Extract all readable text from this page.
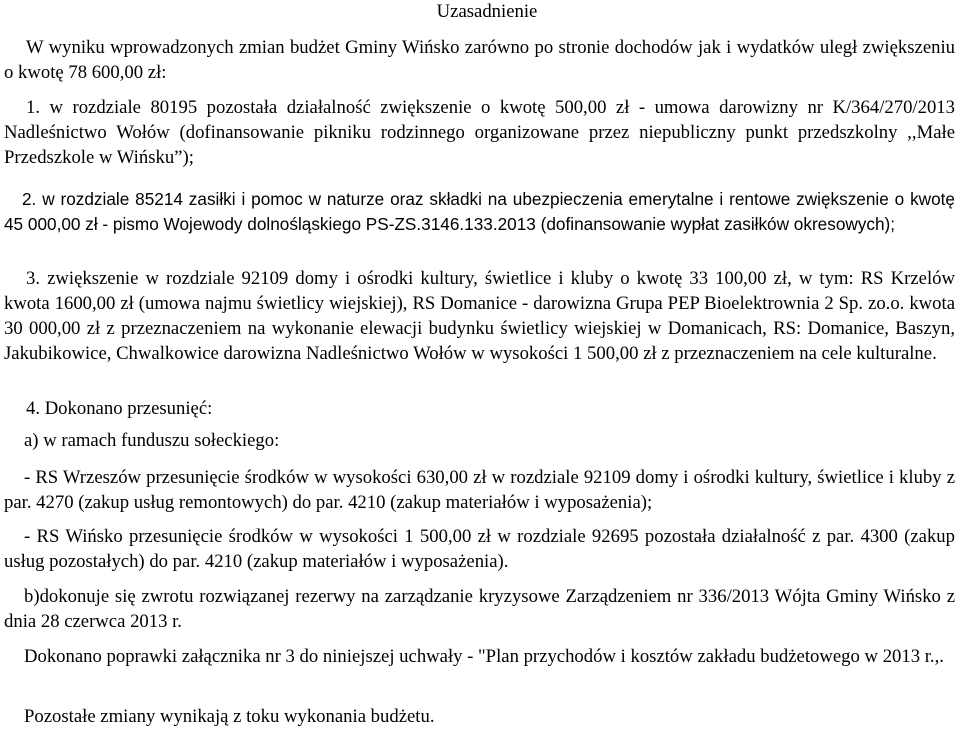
Uzasadnienie

W wyniku wprowadzonych zmian budżet Gminy Wińsko zarówno po stronie dochodów jak i wydatków uległ zwiększeniu o kwotę 78 600,00 zł:

1. w rozdziale 80195 pozostała działalność zwiększenie o kwotę 500,00 zł - umowa darowizny nr K/364/270/2013 Nadleśnictwo Wołów (dofinansowanie pikniku rodzinnego organizowane przez niepubliczny punkt przedszkolny ,,Małe Przedszkole w Wińsku”);

2. w rozdziale 85214 zasiłki i pomoc w naturze oraz składki na ubezpieczenia emerytalne i rentowe zwiększenie o kwotę 45 000,00 zł - pismo Wojewody dolnośląskiego PS-ZS.3146.133.2013 (dofinansowanie wypłat zasiłków okresowych);

3. zwiększenie w rozdziale 92109 domy i ośrodki kultury, świetlice i kluby o kwotę 33 100,00 zł, w tym: RS Krzelów kwota 1600,00 zł (umowa najmu świetlicy wiejskiej), RS Domanice - darowizna Grupa PEP Bioelektrownia 2 Sp. zo.o. kwota 30 000,00 zł z przeznaczeniem na wykonanie elewacji budynku świetlicy wiejskiej w Domanicach, RS: Domanice, Baszyn, Jakubikowice, Chwalkowice darowizna Nadleśnictwo Wołów w wysokości 1 500,00 zł z przeznaczeniem na cele kulturalne.

4. Dokonano przesunięć:

a) w ramach funduszu sołeckiego:

- RS Wrzeszów przesunięcie środków w wysokości 630,00 zł w rozdziale 92109 domy i ośrodki kultury, świetlice i kluby z par. 4270 (zakup usług remontowych) do par. 4210 (zakup materiałów i wyposażenia);

- RS Wińsko przesunięcie środków w wysokości 1 500,00 zł w rozdziale 92695 pozostała działalność z par. 4300 (zakup usług pozostałych) do par. 4210 (zakup materiałów i wyposażenia).

b)dokonuje się zwrotu rozwiązanej rezerwy na zarządzanie kryzysowe Zarządzeniem nr 336/2013 Wójta Gminy Wińsko z dnia 28 czerwca 2013 r.

Dokonano poprawki załącznika nr 3 do niniejszej uchwały - "Plan przychodów i kosztów zakładu budżetowego w 2013 r.,.

Pozostałe zmiany wynikają z toku wykonania budżetu.
